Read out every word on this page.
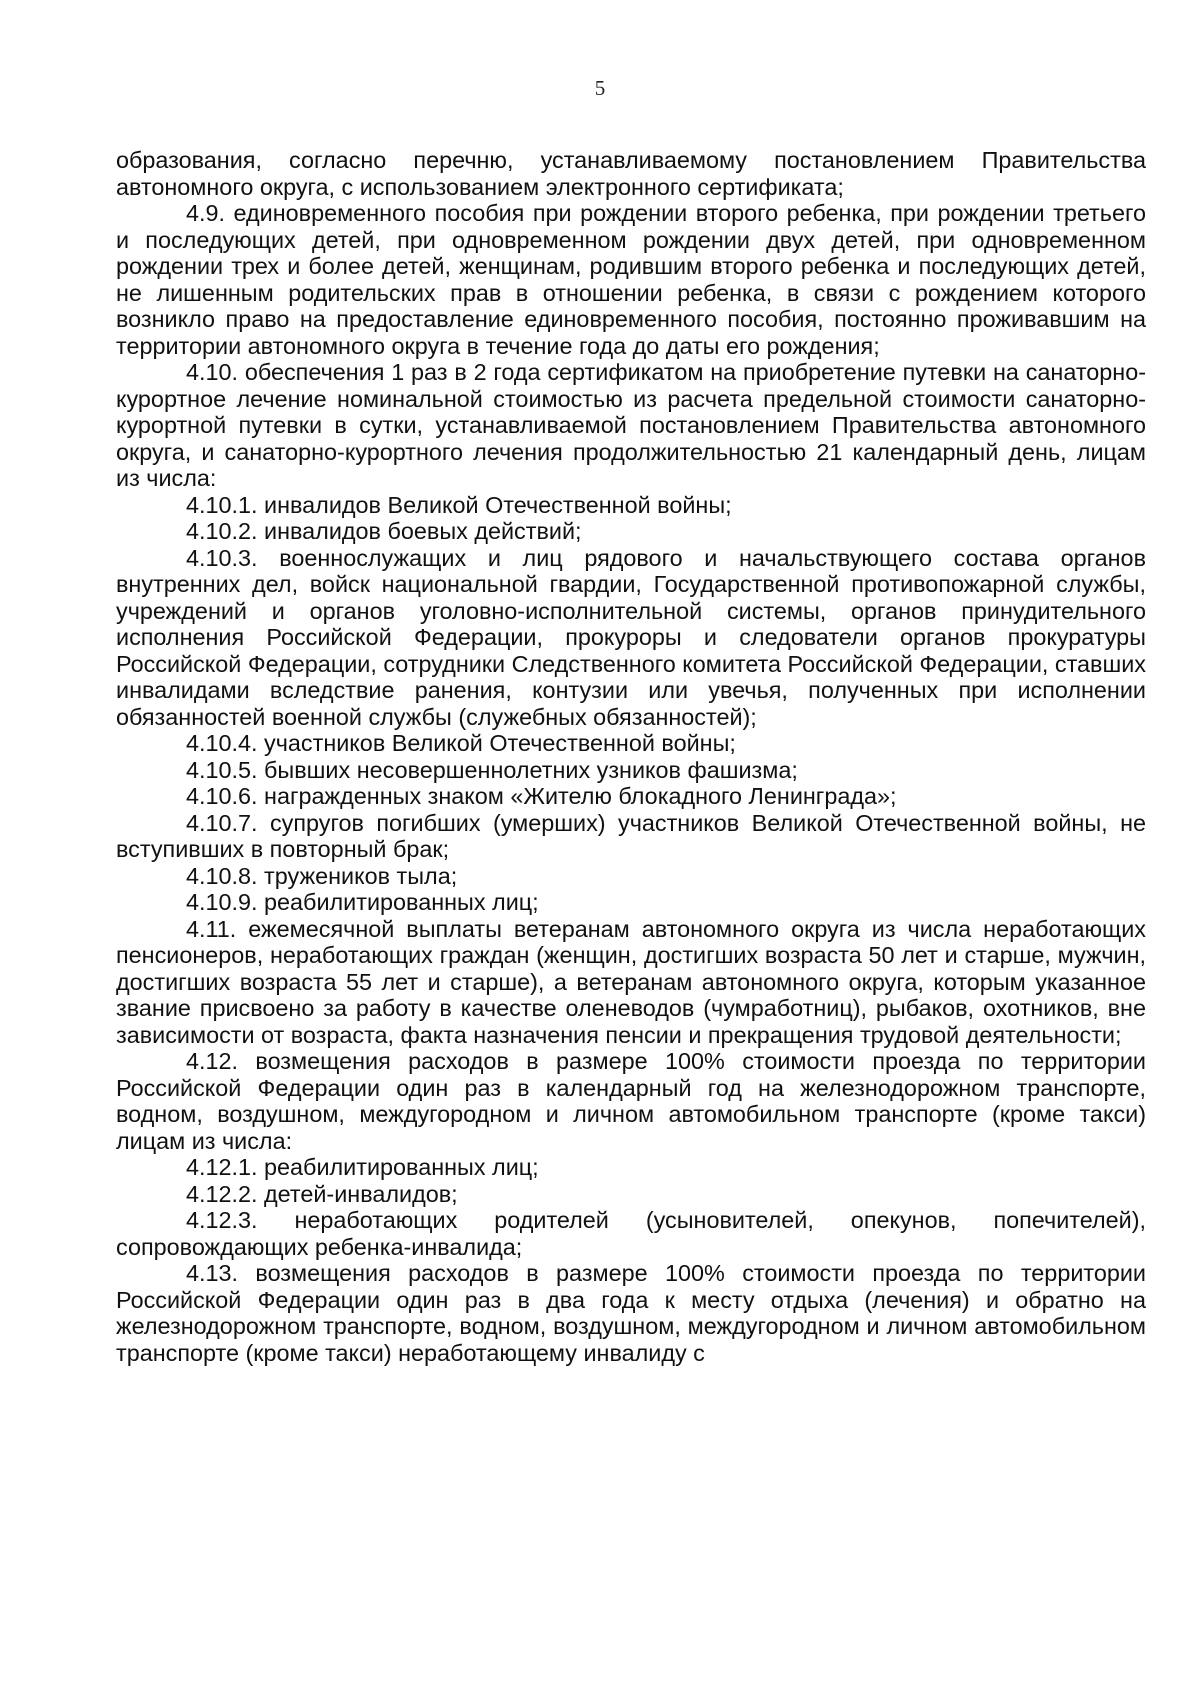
5

образования, согласно перечню, устанавливаемому постановлением Правительства автономного округа, с использованием электронного сертификата;

4.9. единовременного пособия при рождении второго ребенка, при рождении третьего и последующих детей, при одновременном рождении двух детей, при одновременном рождении трех и более детей, женщинам, родившим второго ребенка и последующих детей, не лишенным родительских прав в отношении ребенка, в связи с рождением которого возникло право на предоставление единовременного пособия, постоянно проживавшим на территории автономного округа в течение года до даты его рождения;

4.10. обеспечения 1 раз в 2 года сертификатом на приобретение путевки на санаторно-курортное лечение номинальной стоимостью из расчета предельной стоимости санаторно-курортной путевки в сутки, устанавливаемой постановлением Правительства автономного округа, и санаторно-курортного лечения продолжительностью 21 календарный день, лицам из числа:

4.10.1. инвалидов Великой Отечественной войны;

4.10.2. инвалидов боевых действий;

4.10.3. военнослужащих и лиц рядового и начальствующего состава органов внутренних дел, войск национальной гвардии, Государственной противопожарной службы, учреждений и органов уголовно-исполнительной системы, органов принудительного исполнения Российской Федерации, прокуроры и следователи органов прокуратуры Российской Федерации, сотрудники Следственного комитета Российской Федерации, ставших инвалидами вследствие ранения, контузии или увечья, полученных при исполнении обязанностей военной службы (служебных обязанностей);

4.10.4. участников Великой Отечественной войны;

4.10.5. бывших несовершеннолетних узников фашизма;

4.10.6. награжденных знаком «Жителю блокадного Ленинграда»;

4.10.7. супругов погибших (умерших) участников Великой Отечественной войны, не вступивших в повторный брак;

4.10.8. тружеников тыла;

4.10.9. реабилитированных лиц;

4.11. ежемесячной выплаты ветеранам автономного округа из числа неработающих пенсионеров, неработающих граждан (женщин, достигших возраста 50 лет и старше, мужчин, достигших возраста 55 лет и старше), а ветеранам автономного округа, которым указанное звание присвоено за работу в качестве оленеводов (чумработниц), рыбаков, охотников, вне зависимости от возраста, факта назначения пенсии и прекращения трудовой деятельности;

4.12. возмещения расходов в размере 100% стоимости проезда по территории Российской Федерации один раз в календарный год на железнодорожном транспорте, водном, воздушном, междугородном и личном автомобильном транспорте (кроме такси) лицам из числа:

4.12.1. реабилитированных лиц;

4.12.2. детей-инвалидов;

4.12.3. неработающих родителей (усыновителей, опекунов, попечителей), сопровождающих ребенка-инвалида;

4.13. возмещения расходов в размере 100% стоимости проезда по территории Российской Федерации один раз в два года к месту отдыха (лечения) и обратно на железнодорожном транспорте, водном, воздушном, междугородном и личном автомобильном транспорте (кроме такси) неработающему инвалиду с
